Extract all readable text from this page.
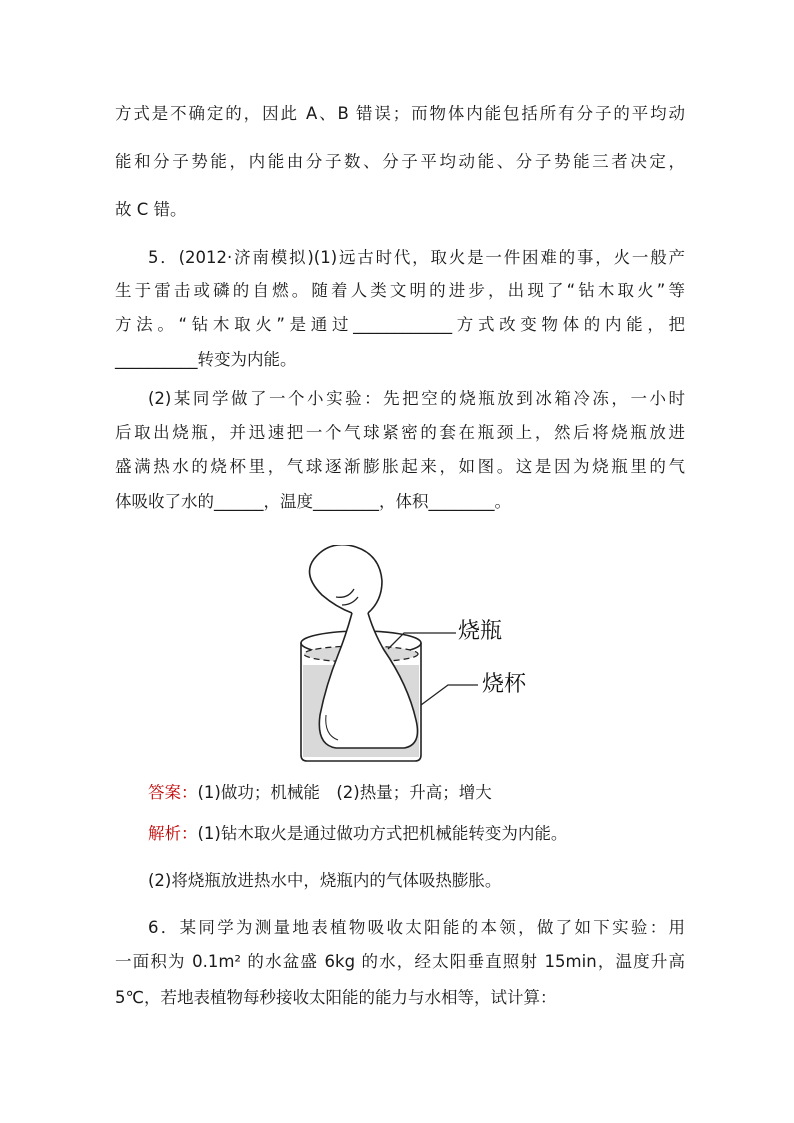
方式是不确定的，因此 A、B 错误；而物体内能包括所有分子的平均动
能和分子势能，内能由分子数、分子平均动能、分子势能三者决定，
故 C 错。
5．(2012·济南模拟)(1)远古时代，取火是一件困难的事，火一般产
生于雷击或磷的自燃。随着人类文明的进步，出现了“钻木取火”等
方法。“钻木取火”是通过____________方式改变物体的内能，把
__________转变为内能。
(2)某同学做了一个小实验：先把空的烧瓶放到冰箱冷冻，一小时
后取出烧瓶，并迅速把一个气球紧密的套在瓶颈上，然后将烧瓶放进
盛满热水的烧杯里，气球逐渐膨胀起来，如图。这是因为烧瓶里的气
体吸收了水的______，温度________，体积________。
烧瓶
烧杯
答案：(1)做功；机械能　(2)热量；升高；增大
解析：(1)钻木取火是通过做功方式把机械能转变为内能。
(2)将烧瓶放进热水中，烧瓶内的气体吸热膨胀。
6．某同学为测量地表植物吸收太阳能的本领，做了如下实验：用
一面积为 0.1m² 的水盆盛 6kg 的水，经太阳垂直照射 15min，温度升高
5℃，若地表植物每秒接收太阳能的能力与水相等，试计算：
